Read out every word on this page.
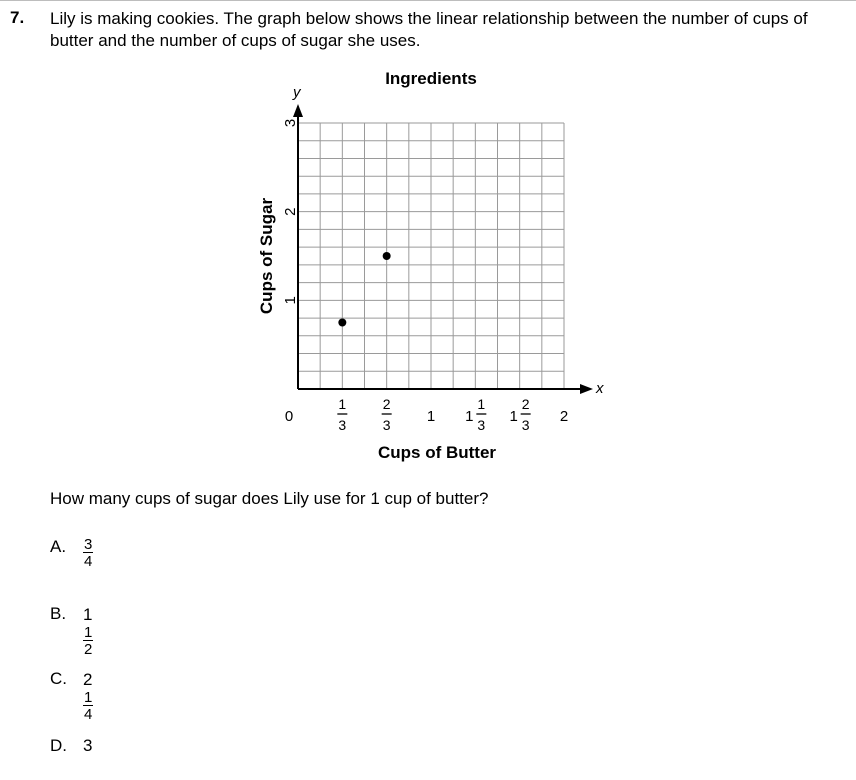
7. Lily is making cookies. The graph below shows the linear relationship between the number of cups of butter and the number of cups of sugar she uses.
x
y
Ingredients
Cups of Butter
Cups of Sugar 1
2
3
0
1
3
2
3 1 1
1
3 1
2
3 2
How many cups of sugar does Lily use for 1 cup of butter?
A. $\frac{3}{4}$
B. 1
$\frac{1}{2}$
C. 2
$\frac{1}{4}$
D. 3
